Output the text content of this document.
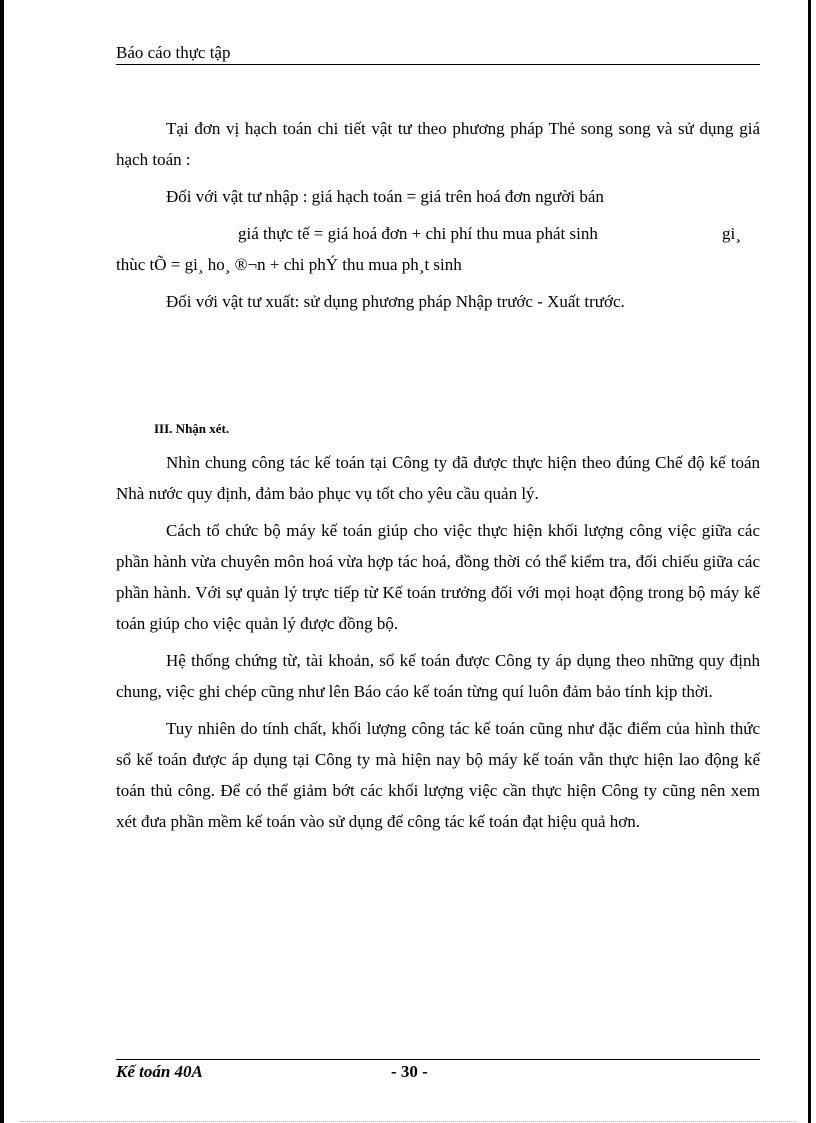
Báo cáo thực tập

Tại đơn vị hạch toán chi tiết vật tư theo phương pháp Thẻ song song và sử dụng giá hạch toán :

Đối với vật tư nhập : giá hạch toán = giá trên hoá đơn người bán

giá thực tế = giá hoá đơn + chi phí thu mua phát sinh	gi¸

thùc tÕ = gi¸ ho¸ ®¬n + chi phÝ thu mua ph¸t sinh

Đối với vật tư xuất: sử dụng phương pháp Nhập trước - Xuất trước.

III. Nhận xét.

Nhìn chung công tác kế toán tại Công ty đã được thực hiện theo đúng Chế độ kế toán Nhà nước quy định, đảm bảo phục vụ tốt cho yêu cầu quản lý.

Cách tổ chức bộ máy kế toán giúp cho việc thực hiện khối lượng công việc giữa các phần hành vừa chuyên môn hoá vừa hợp tác hoá, đồng thời có thể kiểm tra, đối chiếu giữa các phần hành. Với sự quản lý trực tiếp từ Kế toán trưởng đối với mọi hoạt động trong bộ máy kế toán giúp cho việc quản lý được đồng bộ.

Hệ thống chứng từ, tài khoản, sổ kế toán được Công ty áp dụng theo những quy định chung, việc ghi chép cũng như lên Báo cáo kế toán từng quí luôn đảm bảo tính kịp thời.

Tuy nhiên do tính chất, khối lượng công tác kế toán cũng như đặc điểm của hình thức sổ kế toán được áp dụng tại Công ty mà hiện nay bộ máy kế toán vẫn thực hiện lao động kế toán thủ công. Để có thể giảm bớt các khối lượng việc cần thực hiện Công ty cũng nên xem xét đưa phần mềm kế toán vào sử dụng để công tác kế toán đạt hiệu quả hơn.

Kế toán 40A	- 30 -
